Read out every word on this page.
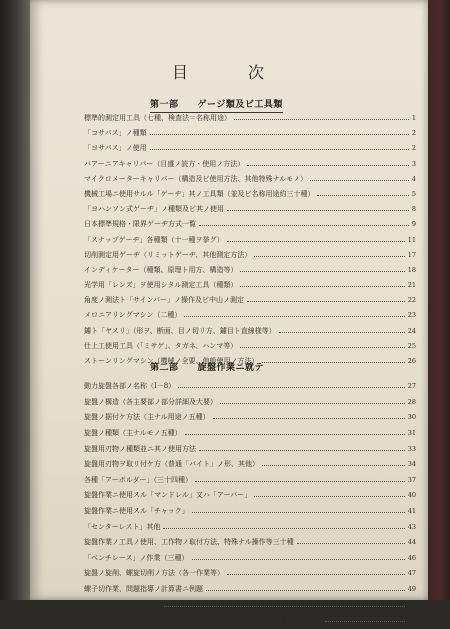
目　次
第一部　　ゲージ類及ビ工具類
標準的測定用工具（七種、検査法＝名称用途）	1
「コサパス」ノ種類	2
「ヨサパス」ノ使用	2
バアーニアキャリパー（目盛ノ読方・使用ノ方法）	3
マイクロメーターキャリパー（構造及ビ使用方法、其他特殊ナルモノ）	4
機械工場ニ使用サルル「ゲーヂ」其ノ工具類（並及ビ名称用途約三十種）	5
「ヨハンソン式ゲーヂ」ノ種類及ビ其ノ使用	8
日本標準規格・限界ゲーヂ方式一覧	9
「スナップゲーヂ」各種類（十一種ヲ挙グ）	11
切削測定用ゲーヂ（リミットゲーヂ、其他測定方法）	17
インディケーター（種類、原理ト用方、構造等）	18
光学用「レンズ」ヲ使用シタル測定工具（種類）	21
角度ノ測法ト「サインバー」ノ操作及ビ中山ノ測定	22
メロニアリングマシン（二種）	23
鑢ト「ヤスリ」（形ヲ、断面、目ノ切リ方、鑢目ト直線様等）	24
仕上工使用工具（「ミサゲ」、タガネ、ハンマ等）	25
ストーンリングマシン（機械ノ全要、他般使用ノ方法）	26
第二部　　旋盤作業ニ就テ
動力旋盤各部ノ名称（I－8）	27
旋盤ノ構造（各主要部ノ部分詳細及大要）	28
旋盤ノ据付ケ方法（主ナル用途ノ五種）	30
旋盤ノ種類（主ナルモノ五種）	31
旋盤用刃物ノ種類並ニ其ノ使用方法	33
旋盤用刃物ヲ取リ付ケ方（普通「バイト」ノ形、其他）	34
各種「アーボルダー」（三十四種）	37
旋盤作業ニ使用スル「マンドレル」又ハ「アーバー」	40
旋盤作業ニ使用スル「チャック」	41
「センターレスト」其他	43
旋盤作業ノ工具ノ使用、工作物ノ取付方法、特殊ナル操作等三十種	44
「ベンチレース」ノ作業（三種）	46
旋盤ノ旋削、螺旋切削ノ方法（各一作業等）	47
螺子切作業、問題指導ノ計算書ニ例題	49
螺子切作業指導教書書式	49
旋盤ニ於テル螺子切作業指導書中ノ形状、其他ニゲーヂ多重山螺子ノ切削等	49
